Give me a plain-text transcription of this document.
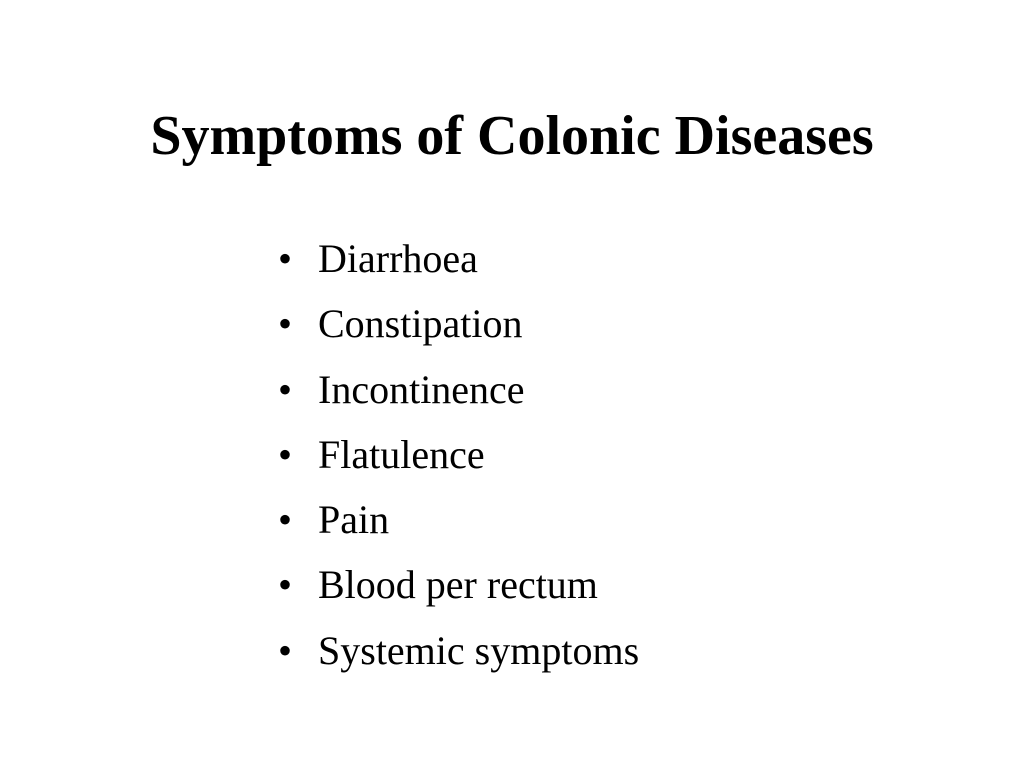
Symptoms of Colonic Diseases
• Diarrhoea
• Constipation
• Incontinence
• Flatulence
• Pain
• Blood per rectum
• Systemic symptoms
